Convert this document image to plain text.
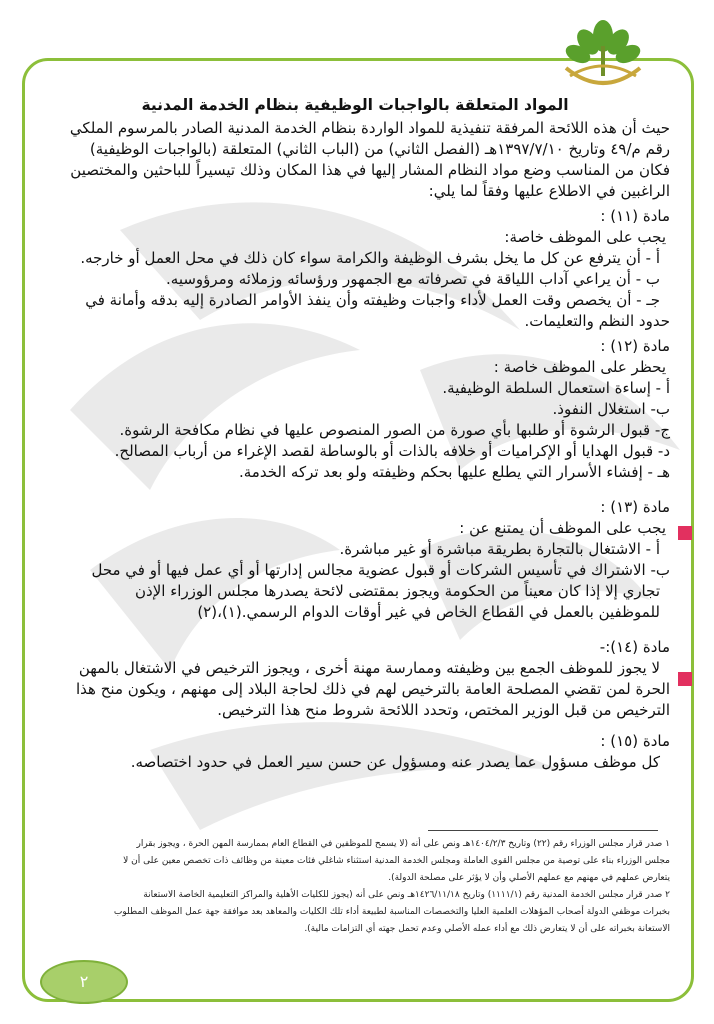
المواد المتعلقة بالواجبات الوظيفية بنظام الخدمة المدنية

حيث أن هذه اللائحة المرفقة تنفيذية للمواد الواردة بنظام الخدمة المدنية الصادر بالمرسوم الملكي

رقم م/٤٩ وتاريخ ١٣٩٧/٧/١٠هـ (الفصل الثاني) من (الباب الثاني) المتعلقة (بالواجبات الوظيفية)

فكان من المناسب وضع مواد النظام المشار إليها في هذا المكان وذلك تيسيراً للباحثين والمختصين

الراغبين في الاطلاع عليها وفقاً لما يلي:

مادة (١١) :

يجب على الموظف خاصة:

أ - أن يترفع عن كل ما يخل بشرف الوظيفة والكرامة سواء كان ذلك في محل العمل أو خارجه.

ب - أن يراعي آداب اللياقة في تصرفاته مع الجمهور ورؤسائه وزملائه ومرؤوسيه.

جـ - أن يخصص وقت العمل لأداء واجبات وظيفته وأن ينفذ الأوامر الصادرة إليه بدقه وأمانة في

حدود النظم والتعليمات.

مادة (١٢) :

يحظر على الموظف خاصة :

أ - إساءة استعمال السلطة الوظيفية.

ب- استغلال النفوذ.

ج- قبول الرشوة أو طلبها بأي صورة من الصور المنصوص عليها في نظام مكافحة الرشوة.

د- قبول الهدايا أو الإكراميات أو خلافه بالذات أو بالوساطة لقصد الإغراء من أرباب المصالح.

هـ - إفشاء الأسرار التي يطلع عليها بحكم وظيفته ولو بعد تركه الخدمة.

مادة (١٣) :

يجب على الموظف أن يمتنع عن :

أ - الاشتغال بالتجارة بطريقة مباشرة أو غير مباشرة.

ب- الاشتراك في تأسيس الشركات أو قبول عضوية مجالس إدارتها أو أي عمل فيها أو في محل

تجاري إلا إذا كان معيناً من الحكومة ويجوز بمقتضى لائحة يصدرها مجلس الوزراء الإذن

للموظفين بالعمل في القطاع الخاص في غير أوقات الدوام الرسمي.(١)،(٢)

مادة (١٤):-

لا يجوز للموظف الجمع بين وظيفته وممارسة مهنة أخرى ، ويجوز الترخيص في الاشتغال بالمهن

الحرة لمن تقضي المصلحة العامة بالترخيص لهم في ذلك لحاجة البلاد إلى مهنهم ، ويكون منح هذا

الترخيص من قبل الوزير المختص، وتحدد اللائحة شروط منح هذا الترخيص.

مادة (١٥) :

كل موظف مسؤول عما يصدر عنه ومسؤول عن حسن سير العمل في حدود اختصاصه.

١ صدر قرار مجلس الوزراء رقم (٢٢) وتاريخ ١٤٠٤/٢/٣هـ ونص على أنه (لا يسمح للموظفين في القطاع العام بممارسة المهن الحرة ، ويجوز بقرار
مجلس الوزراء بناء على توصية من مجلس القوى العاملة ومجلس الخدمة المدنية استثناء شاغلي فئات معينة من وظائف ذات تخصص معين على أن لا
يتعارض عملهم في مهنهم مع عملهم الأصلي وأن لا يؤثر على مصلحة الدولة).
٢ صدر قرار مجلس الخدمة المدنية رقم (١١١١/١) وتاريخ ١٤٢٦/١١/١٨هـ ونص على أنه (يجوز للكليات الأهلية والمراكز التعليمية الخاصة الاستعانة
بخبرات موظفي الدولة أصحاب المؤهلات العلمية العليا والتخصصات المناسبة لطبيعة أداء تلك الكليات والمعاهد بعد موافقة جهة عمل الموظف المطلوب
الاستعانة بخبراته على أن لا يتعارض ذلك مع أداء عمله الأصلي وعدم تحمل جهته أي التزامات مالية).
٢
